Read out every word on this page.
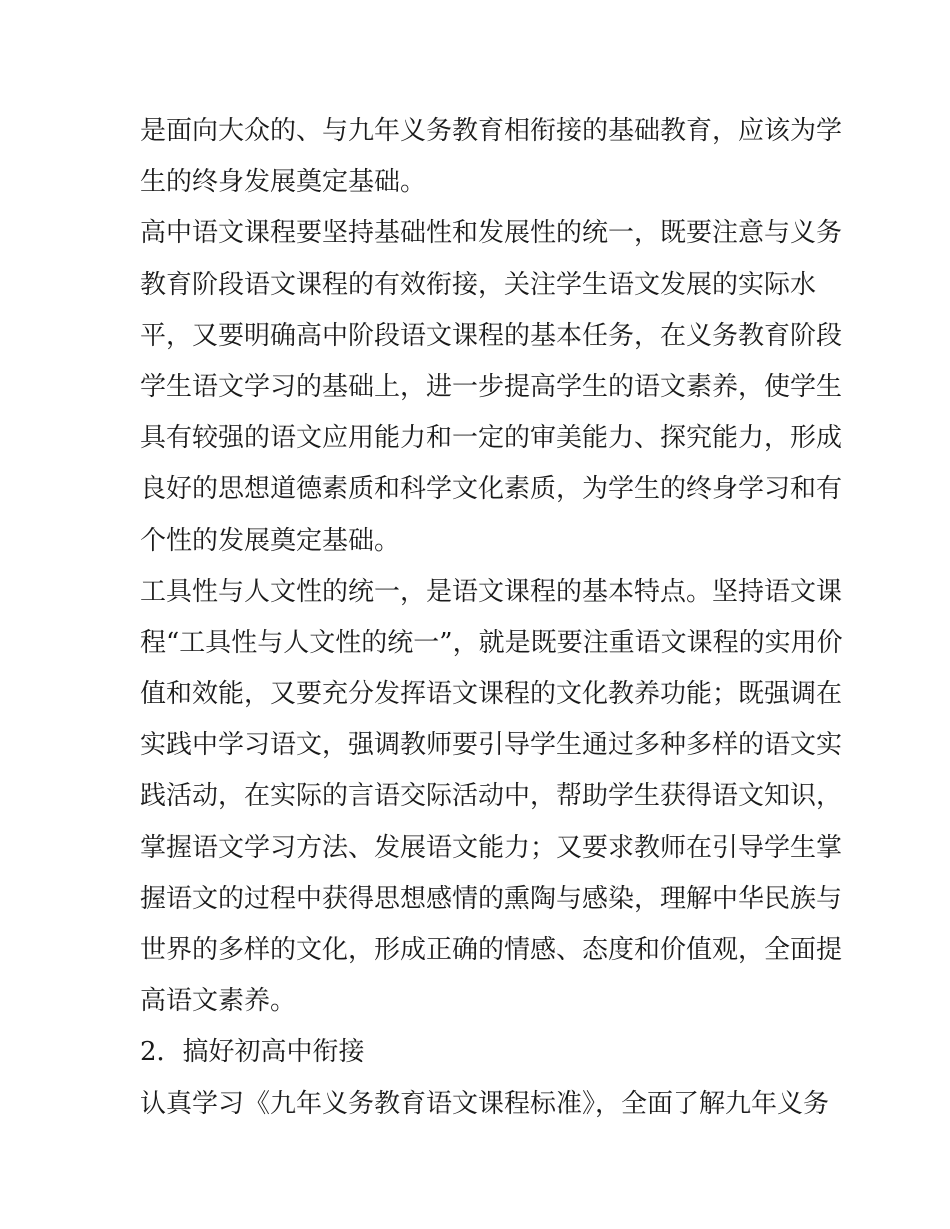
是面向大众的、与九年义务教育相衔接的基础教育，应该为学
生的终身发展奠定基础。

高中语文课程要坚持基础性和发展性的统一，既要注意与义务
教育阶段语文课程的有效衔接，关注学生语文发展的实际水
平，又要明确高中阶段语文课程的基本任务，在义务教育阶段
学生语文学习的基础上，进一步提高学生的语文素养，使学生
具有较强的语文应用能力和一定的审美能力、探究能力，形成
良好的思想道德素质和科学文化素质，为学生的终身学习和有
个性的发展奠定基础。

工具性与人文性的统一，是语文课程的基本特点。坚持语文课
程“工具性与人文性的统一”，就是既要注重语文课程的实用价
值和效能，又要充分发挥语文课程的文化教养功能；既强调在
实践中学习语文，强调教师要引导学生通过多种多样的语文实
践活动，在实际的言语交际活动中，帮助学生获得语文知识，
掌握语文学习方法、发展语文能力；又要求教师在引导学生掌
握语文的过程中获得思想感情的熏陶与感染，理解中华民族与
世界的多样的文化，形成正确的情感、态度和价值观，全面提
高语文素养。

2．搞好初高中衔接

认真学习《九年义务教育语文课程标准》，全面了解九年义务
